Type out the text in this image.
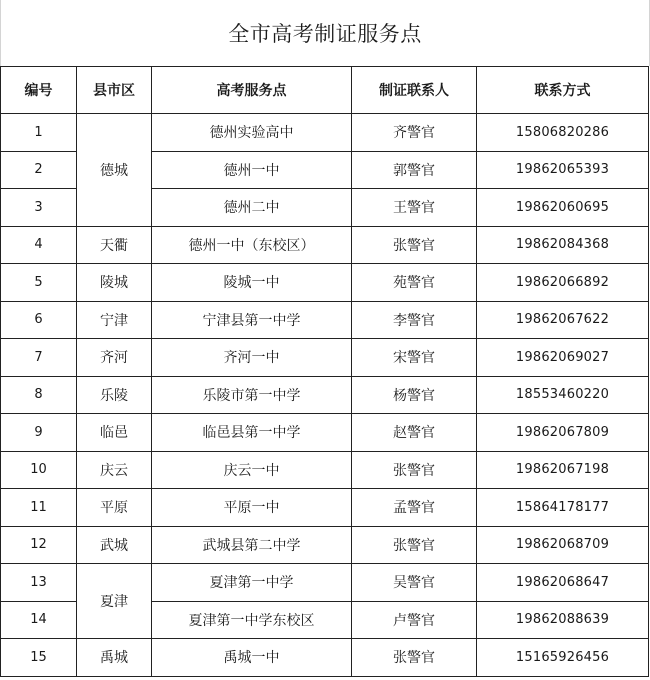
全市高考制证服务点
编号	县市区	高考服务点	制证联系人	联系方式
1	德城	德州实验高中	齐警官	15806820286
2		德州一中	郭警官	19862065393
3		德州二中	王警官	19862060695
4	天衢	德州一中（东校区）	张警官	19862084368
5	陵城	陵城一中	苑警官	19862066892
6	宁津	宁津县第一中学	李警官	19862067622
7	齐河	齐河一中	宋警官	19862069027
8	乐陵	乐陵市第一中学	杨警官	18553460220
9	临邑	临邑县第一中学	赵警官	19862067809
10	庆云	庆云一中	张警官	19862067198
11	平原	平原一中	孟警官	15864178177
12	武城	武城县第二中学	张警官	19862068709
13	夏津	夏津第一中学	吴警官	19862068647
14		夏津第一中学东校区	卢警官	19862088639
15	禹城	禹城一中	张警官	15165926456
